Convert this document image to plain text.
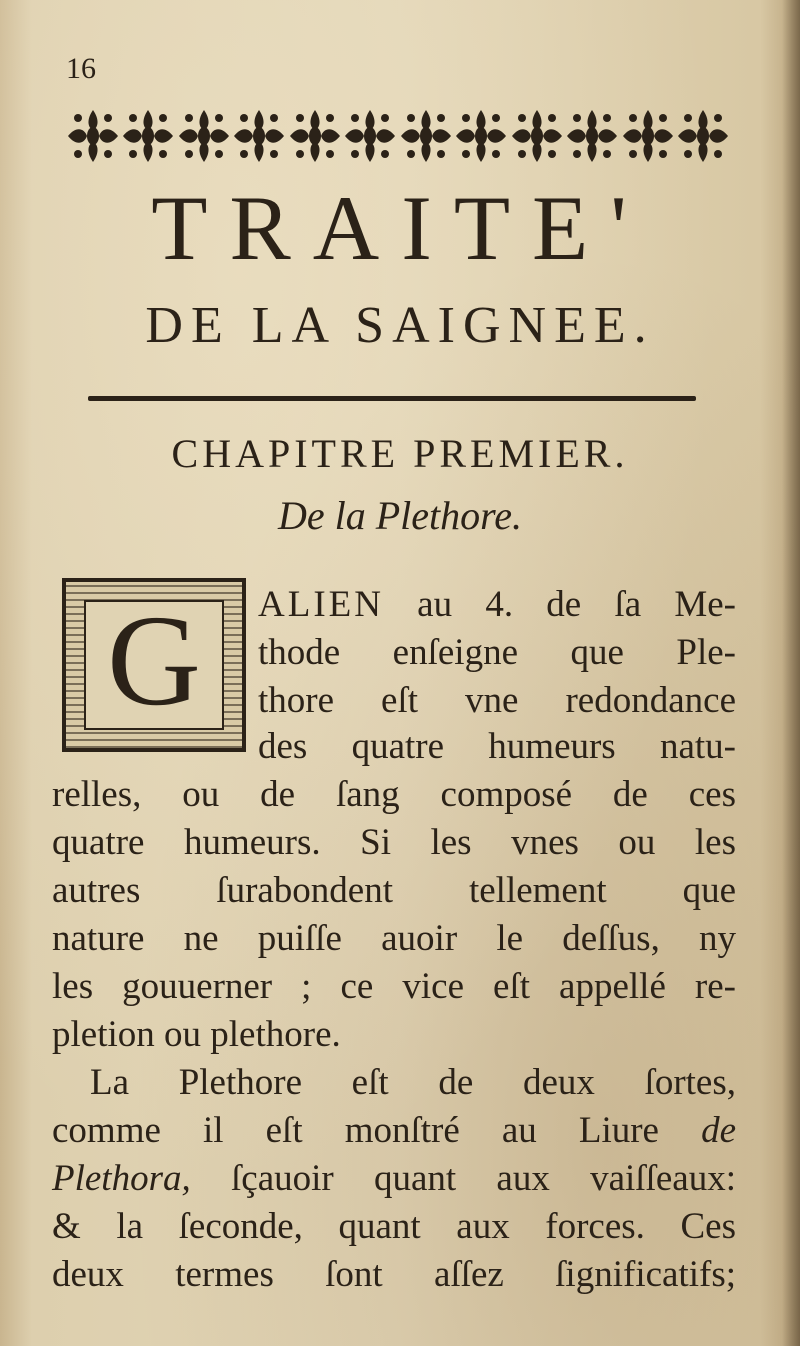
16
TRAITE'
DE LA SAIGNEE.
CHAPITRE PREMIER.
De la Plethore.
G ALIEN au 4. de ſa Me-
thode enſeigne que Ple-
thore eſt vne redondance
des quatre humeurs natu-
relles, ou de ſang composé de ces
quatre humeurs. Si les vnes ou les
autres ſurabondent tellement que
nature ne puiſſe auoir le deſſus, ny
les gouuerner ; ce vice eſt appellé re-
pletion ou plethore.
La Plethore eſt de deux ſortes,
comme il eſt monſtré au Liure de
Plethora, ſçauoir quant aux vaiſſeaux:
& la ſeconde, quant aux forces. Ces
deux termes ſont aſſez ſignificatifs;
